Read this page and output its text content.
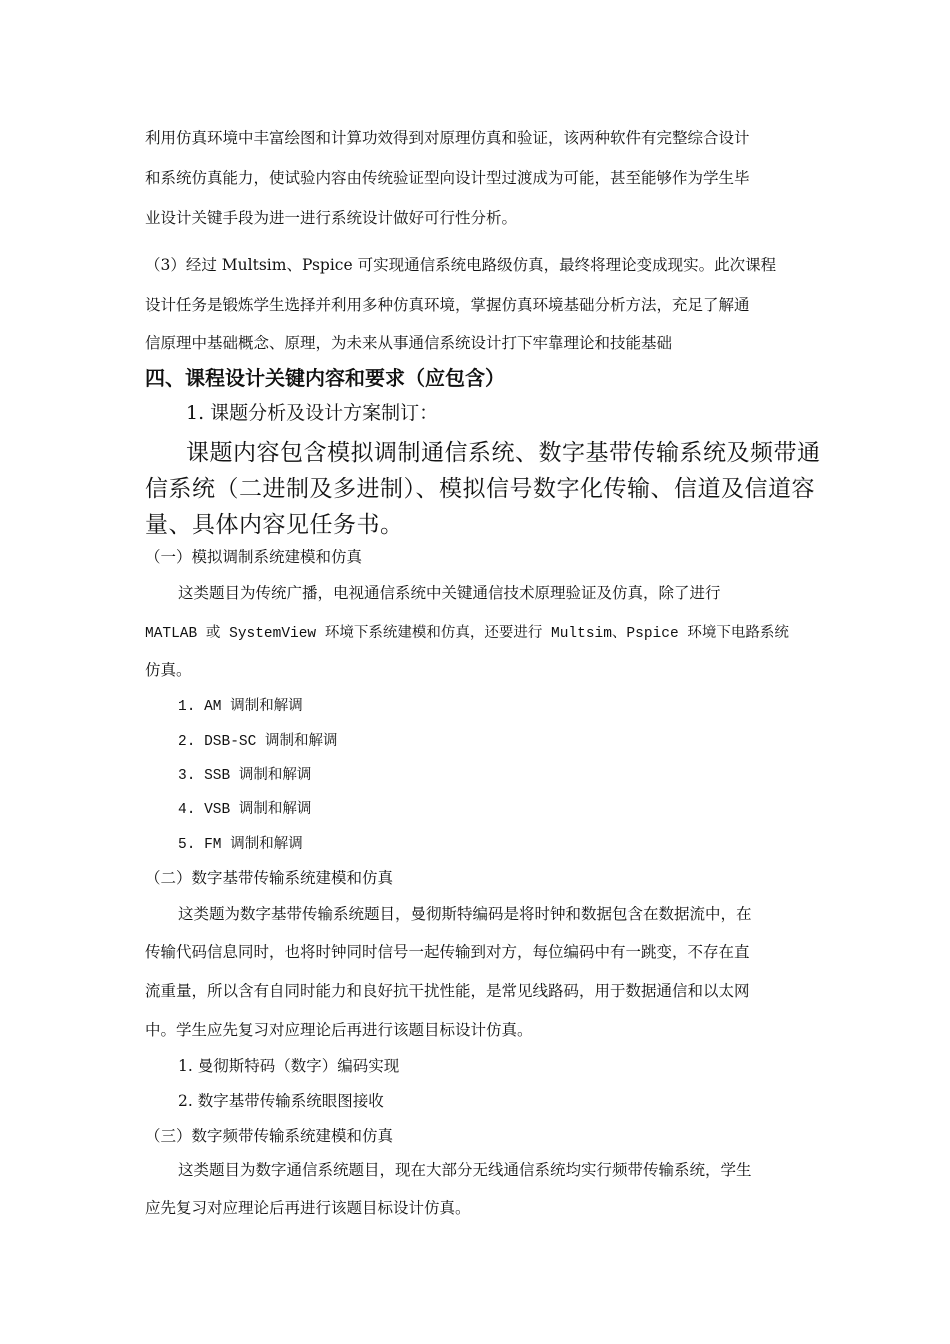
利用仿真环境中丰富绘图和计算功效得到对原理仿真和验证，该两种软件有完整综合设计
和系统仿真能力，使试验内容由传统验证型向设计型过渡成为可能，甚至能够作为学生毕
业设计关键手段为进一进行系统设计做好可行性分析。
（3）经过 Multsim、Pspice 可实现通信系统电路级仿真，最终将理论变成现实。此次课程
设计任务是锻炼学生选择并利用多种仿真环境，掌握仿真环境基础分析方法，充足了解通
信原理中基础概念、原理，为未来从事通信系统设计打下牢靠理论和技能基础
四、课程设计关键内容和要求（应包含）
1. 课题分析及设计方案制订：
课题内容包含模拟调制通信系统、数字基带传输系统及频带通
信系统（二进制及多进制）、模拟信号数字化传输、信道及信道容
量、具体内容见任务书。
（一）模拟调制系统建模和仿真
这类题目为传统广播，电视通信系统中关键通信技术原理验证及仿真，除了进行
MATLAB 或 SystemView 环境下系统建模和仿真，还要进行 Multsim、Pspice 环境下电路系统
仿真。
1. AM 调制和解调
2. DSB-SC 调制和解调
3. SSB 调制和解调
4. VSB 调制和解调
5. FM 调制和解调
（二）数字基带传输系统建模和仿真
这类题为数字基带传输系统题目，曼彻斯特编码是将时钟和数据包含在数据流中，在
传输代码信息同时，也将时钟同时信号一起传输到对方，每位编码中有一跳变，不存在直
流重量，所以含有自同时能力和良好抗干扰性能，是常见线路码，用于数据通信和以太网
中。学生应先复习对应理论后再进行该题目标设计仿真。
1. 曼彻斯特码（数字）编码实现
2. 数字基带传输系统眼图接收
（三）数字频带传输系统建模和仿真
这类题目为数字通信系统题目，现在大部分无线通信系统均实行频带传输系统，学生
应先复习对应理论后再进行该题目标设计仿真。
